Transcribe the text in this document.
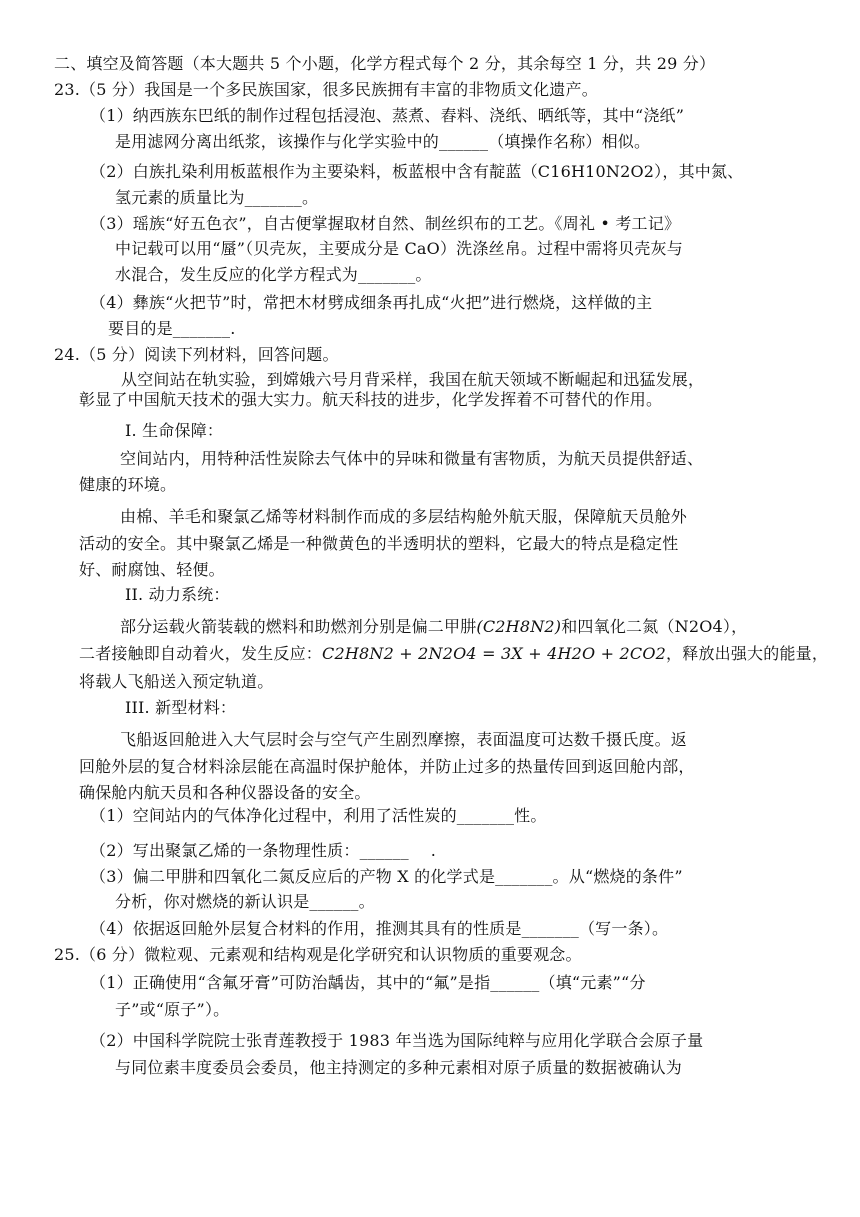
二、填空及简答题（本大题共 5 个小题，化学方程式每个 2 分，其余每空 1 分，共 29 分）
23.（5 分）我国是一个多民族国家，很多民族拥有丰富的非物质文化遗产。
（1）纳西族东巴纸的制作过程包括浸泡、蒸煮、舂料、浇纸、晒纸等，其中“浇纸”
是用滤网分离出纸浆，该操作与化学实验中的______（填操作名称）相似。
（2）白族扎染利用板蓝根作为主要染料，板蓝根中含有靛蓝（C16H10N2O2），其中氮、
氢元素的质量比为_______。
（3）瑶族“好五色衣”，自古便掌握取材自然、制丝织布的工艺。《周礼 • 考工记》
中记载可以用“蜃”（贝壳灰，主要成分是 CaO）洗涤丝帛。过程中需将贝壳灰与
水混合，发生反应的化学方程式为_______。
（4）彝族“火把节”时，常把木材劈成细条再扎成“火把”进行燃烧，这样做的主
要目的是_______.
24.（5 分）阅读下列材料，回答问题。
从空间站在轨实验，到嫦娥六号月背采样，我国在航天领域不断崛起和迅猛发展，
彰显了中国航天技术的强大实力。航天科技的进步，化学发挥着不可替代的作用。
I. 生命保障：
空间站内，用特种活性炭除去气体中的异味和微量有害物质，为航天员提供舒适、
健康的环境。
由棉、羊毛和聚氯乙烯等材料制作而成的多层结构舱外航天服，保障航天员舱外
活动的安全。其中聚氯乙烯是一种微黄色的半透明状的塑料，它最大的特点是稳定性
好、耐腐蚀、轻便。
II. 动力系统：
部分运载火箭装载的燃料和助燃剂分别是偏二甲肼(C2H8N2)和四氧化二氮（N2O4），
二者接触即自动着火，发生反应：C2H8N2 + 2N2O4 = 3X + 4H2O + 2CO2，释放出强大的能量，
将载人飞船送入预定轨道。
III. 新型材料：
飞船返回舱进入大气层时会与空气产生剧烈摩擦，表面温度可达数千摄氏度。返
回舱外层的复合材料涂层能在高温时保护舱体，并防止过多的热量传回到返回舱内部，
确保舱内航天员和各种仪器设备的安全。
（1）空间站内的气体净化过程中，利用了活性炭的_______性。
（2）写出聚氯乙烯的一条物理性质：______ .
（3）偏二甲肼和四氧化二氮反应后的产物 X 的化学式是_______。从“燃烧的条件”
分析，你对燃烧的新认识是______。
（4）依据返回舱外层复合材料的作用，推测其具有的性质是_______（写一条）。
25.（6 分）微粒观、元素观和结构观是化学研究和认识物质的重要观念。
（1）正确使用“含氟牙膏”可防治龋齿，其中的“氟”是指______（填“元素”“分
子”或“原子”）。
（2）中国科学院院士张青莲教授于 1983 年当选为国际纯粹与应用化学联合会原子量
与同位素丰度委员会委员，他主持测定的多种元素相对原子质量的数据被确认为
